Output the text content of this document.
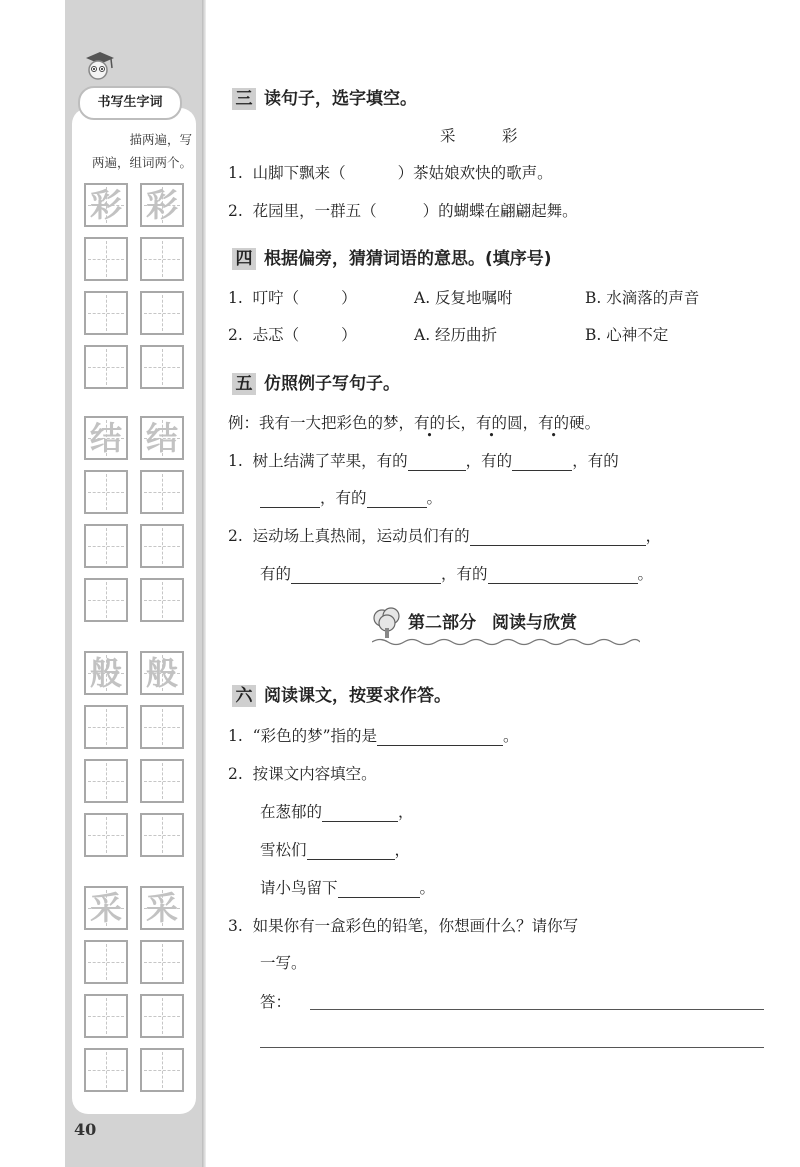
书写生字词
描两遍，写
两遍，组词两个。
彩 彩
结 结
般 般
采 采
40
三 读句子，选字填空。
采　　　彩
1. 山脚下飘来（	）茶姑娘欢快的歌声。
2. 花园里，一群五（	）的蝴蝶在翩翩起舞。
四 根据偏旁，猜猜词语的意思。(填序号)
1. 叮咛（	）	A. 反复地嘱咐	B. 水滴落的声音
2. 忐忑（	）	A. 经历曲折	B. 心神不定
五 仿照例子写句子。
例：我有一大把彩色的梦，有的长，有的圆，有的硬。
1. 树上结满了苹果，有的	，有的	，有的
，有的	。
2. 运动场上真热闹，运动员们有的	，
有的	，有的	。
第二部分 阅读与欣赏
六 阅读课文，按要求作答。
1. “彩色的梦”指的是	。
2. 按课文内容填空。
在葱郁的	，
雪松们	，
请小鸟留下	。
3. 如果你有一盒彩色的铅笔，你想画什么？请你写
一写。
答：
